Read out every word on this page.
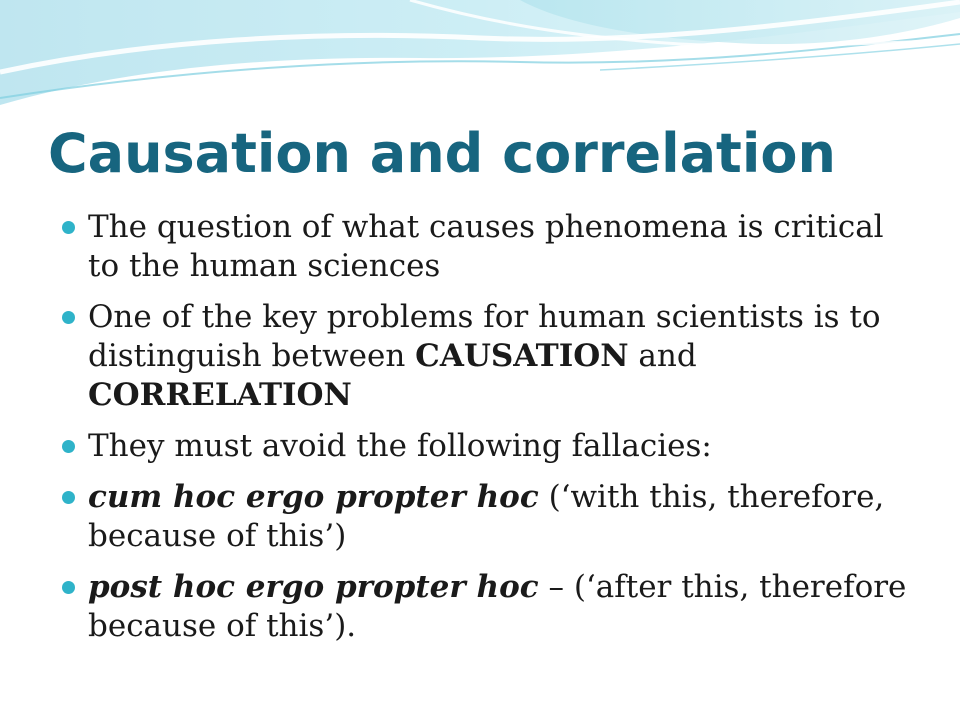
Causation and correlation
The question of what causes phenomena is critical to the human sciences
One of the key problems for human scientists is to distinguish between CAUSATION and CORRELATION
They must avoid the following fallacies:
cum hoc ergo propter hoc (‘with this, therefore, because of this’)
post hoc ergo propter hoc – (‘after this, therefore because of this’).
